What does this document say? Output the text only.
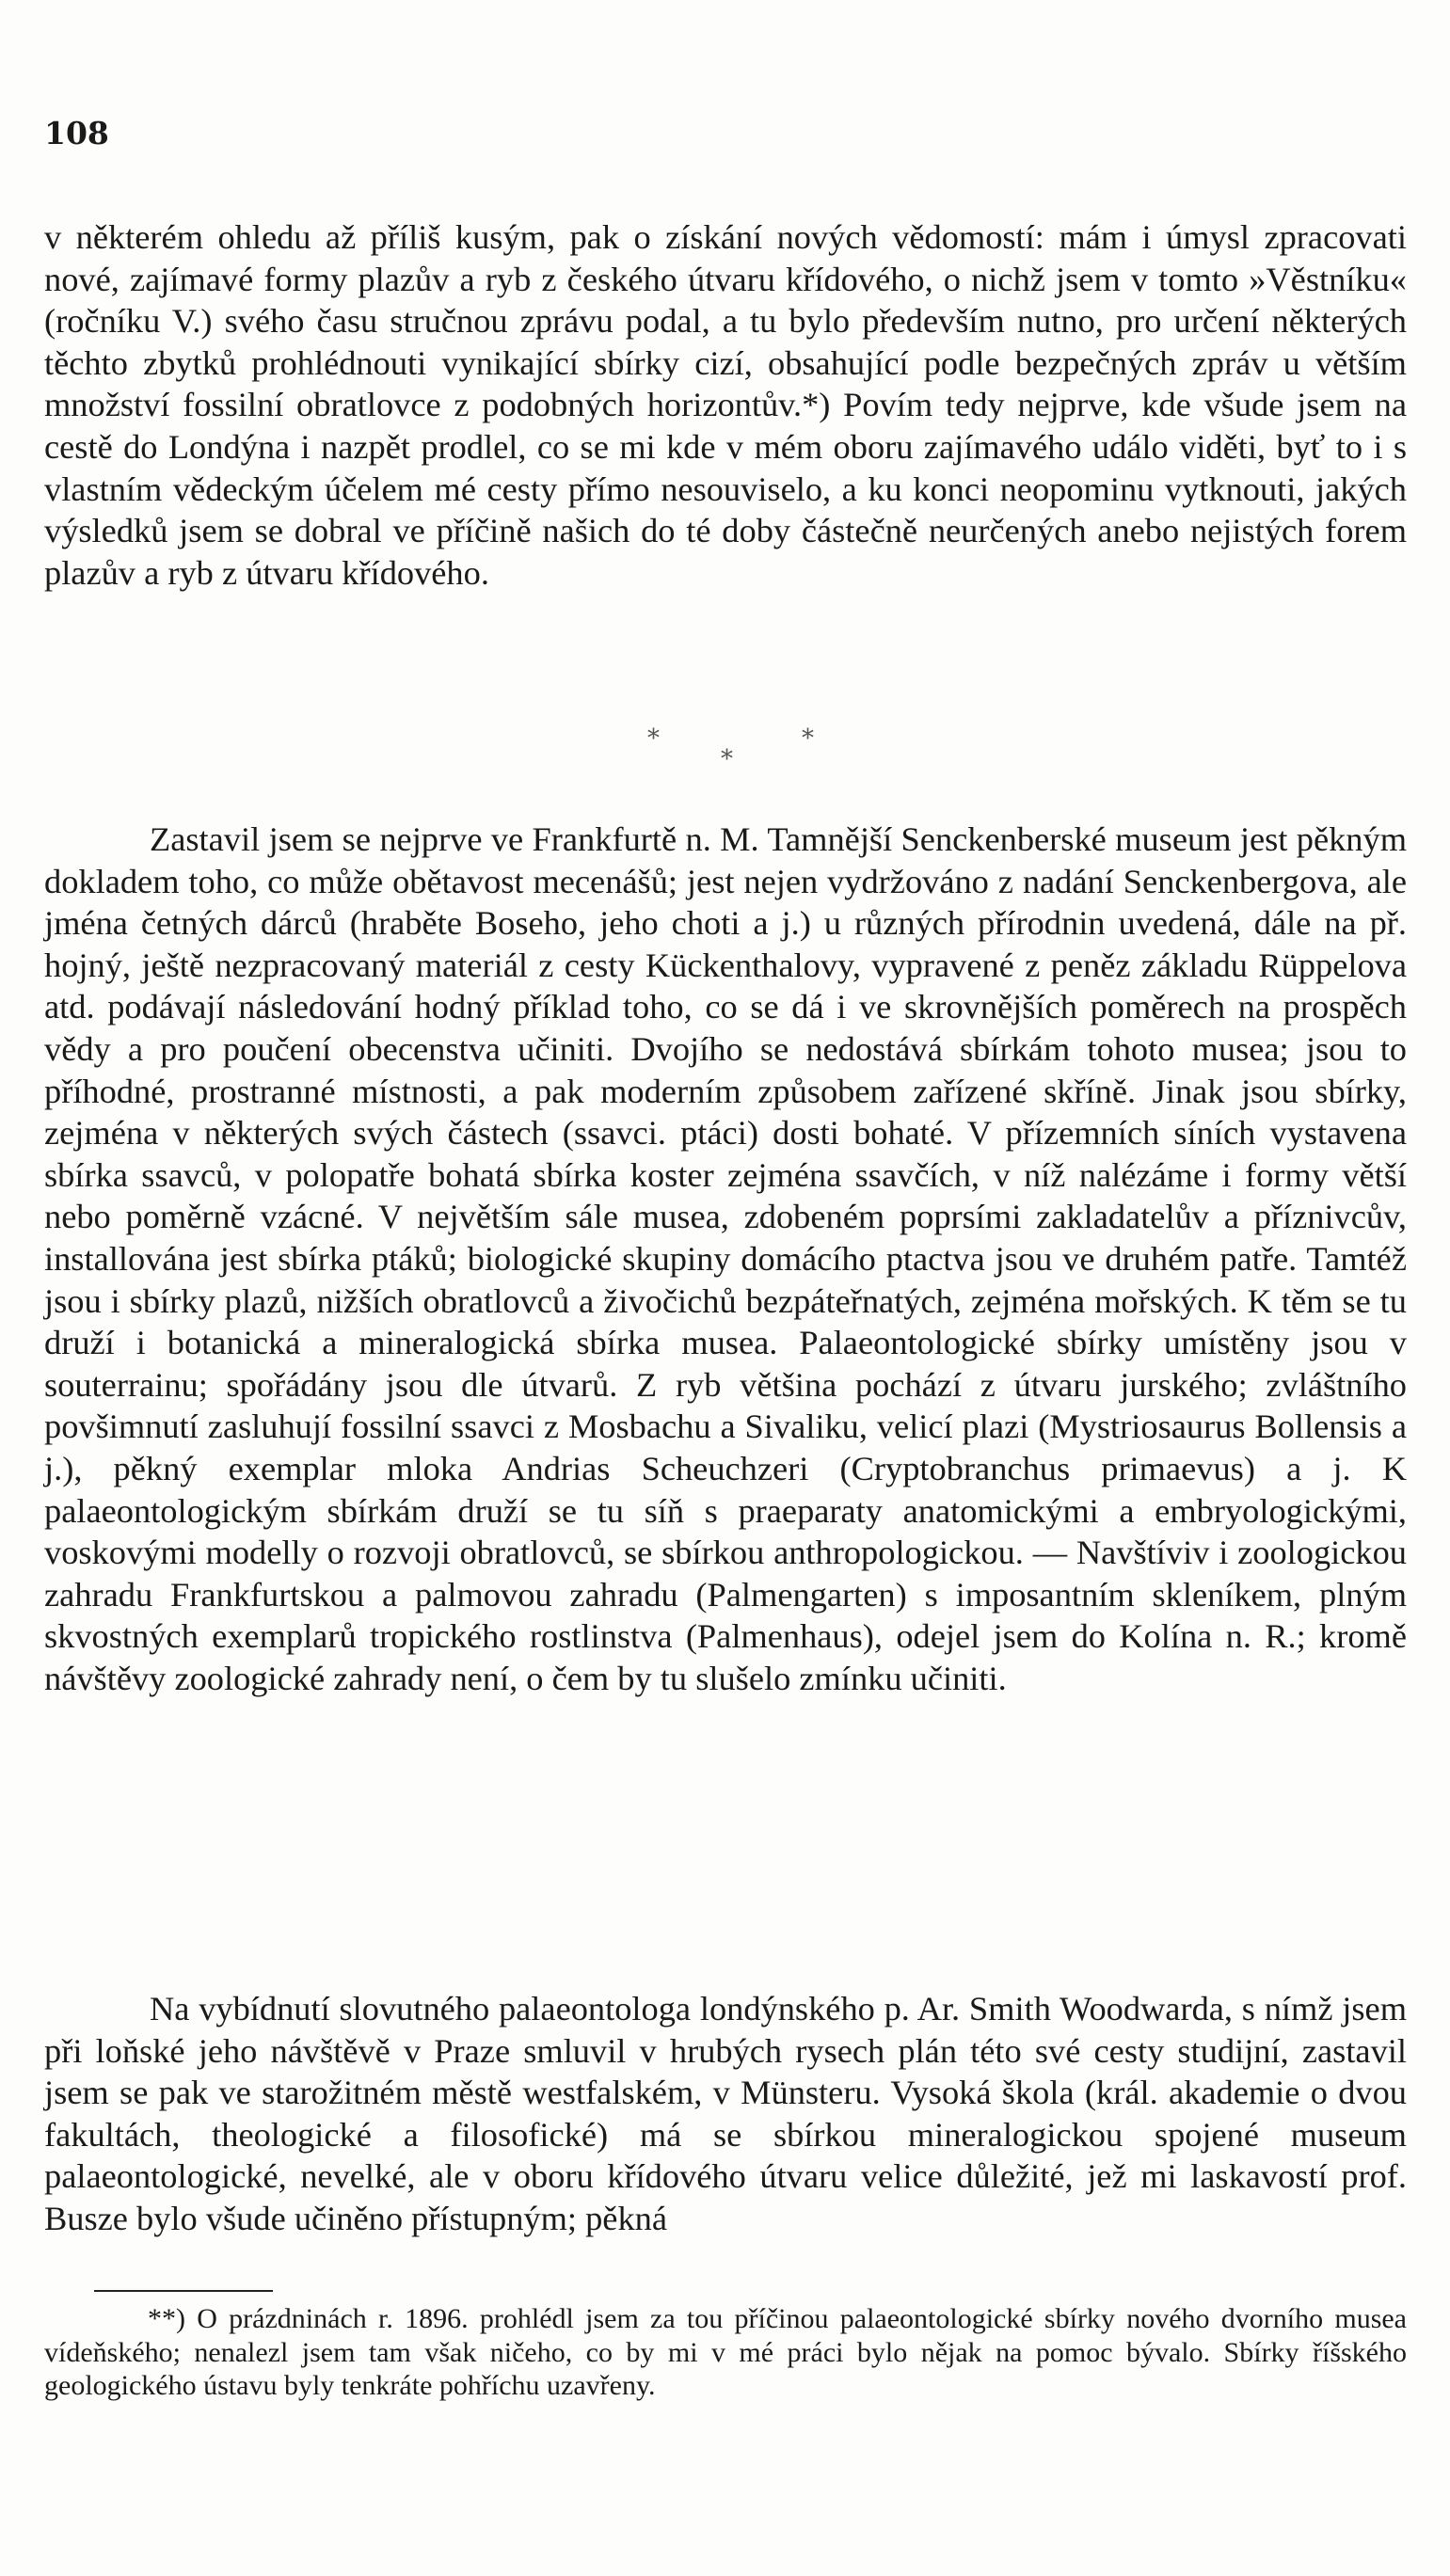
108

v některém ohledu až příliš kusým, pak o získání nových vědomostí: mám i úmysl zpracovati nové, zajímavé formy plazův a ryb z českého útvaru křídového, o nichž jsem v tomto »Věstníku« (ročníku V.) svého času stručnou zprávu podal, a tu bylo především nutno, pro určení některých těchto zbytků prohlédnouti vynikající sbírky cizí, obsahující podle bezpečných zpráv u větším množství fossilní obratlovce z podobných horizontův.*) Povím tedy nejprve, kde všude jsem na cestě do Londýna i nazpět prodlel, co se mi kde v mém oboru zajímavého událo viděti, byť to i s vlastním vědeckým účelem mé cesty přímo nesouviselo, a ku konci neopominu vytknouti, jakých výsledků jsem se dobral ve příčině našich do té doby částečně neurčených anebo nejistých forem plazův a ryb z útvaru křídového.

*
*
*

Zastavil jsem se nejprve ve Frankfurtě n. M. Tamnější Senckenberské museum jest pěkným dokladem toho, co může obětavost mecenášů; jest nejen vydržováno z nadání Senckenbergova, ale jména četných dárců (hraběte Boseho, jeho choti a j.) u různých přírodnin uvedená, dále na př. hojný, ještě nezpracovaný materiál z cesty Kückenthalovy, vypravené z peněz základu Rüppelova atd. podávají následování hodný příklad toho, co se dá i ve skrovnějších poměrech na prospěch vědy a pro poučení obecenstva učiniti. Dvojího se nedostává sbírkám tohoto musea; jsou to příhodné, prostranné místnosti, a pak moderním způsobem zařízené skříně. Jinak jsou sbírky, zejména v některých svých částech (ssavci. ptáci) dosti bohaté. V přízemních síních vystavena sbírka ssavců, v polopatře bohatá sbírka koster zejména ssavčích, v níž nalézáme i formy větší nebo poměrně vzácné. V největším sále musea, zdobeném poprsími zakladatelův a příznivcův, installována jest sbírka ptáků; biologické skupiny domácího ptactva jsou ve druhém patře. Tamtéž jsou i sbírky plazů, nižších obratlovců a živočichů bezpáteřnatých, zejména mořských. K těm se tu druží i botanická a mineralogická sbírka musea. Palaeontologické sbírky umístěny jsou v souterrainu; spořádány jsou dle útvarů. Z ryb většina pochází z útvaru jurského; zvláštního povšimnutí zasluhují fossilní ssavci z Mosbachu a Sivaliku, velicí plazi (Mystriosaurus Bollensis a j.), pěkný exemplar mloka Andrias Scheuchzeri (Cryptobranchus primaevus) a j. K palaeontologickým sbírkám druží se tu síň s praeparaty anatomickými a embryologickými, voskovými modelly o rozvoji obratlovců, se sbírkou anthropologickou. — Navštíviv i zoologickou zahradu Frankfurtskou a palmovou zahradu (Palmengarten) s imposantním skleníkem, plným skvostných exemplarů tropického rostlinstva (Palmenhaus), odejel jsem do Kolína n. R.; kromě návštěvy zoologické zahrady není, o čem by tu slušelo zmínku učiniti.

Na vybídnutí slovutného palaeontologa londýnského p. Ar. Smith Woodwarda, s nímž jsem při loňské jeho návštěvě v Praze smluvil v hrubých rysech plán této své cesty studijní, zastavil jsem se pak ve starožitném městě westfalském, v Münsteru. Vysoká škola (král. akademie o dvou fakultách, theologické a filosofické) má se sbírkou mineralogickou spojené museum palaeontologické, nevelké, ale v oboru křídového útvaru velice důležité, jež mi laskavostí prof. Busze bylo všude učiněno přístupným; pěkná

**) O prázdninách r. 1896. prohlédl jsem za tou příčinou palaeontologické sbírky nového dvorního musea vídeňského; nenalezl jsem tam však ničeho, co by mi v mé práci bylo nějak na pomoc bývalo. Sbírky říšského geologického ústavu byly tenkráte pohříchu uzavřeny.
